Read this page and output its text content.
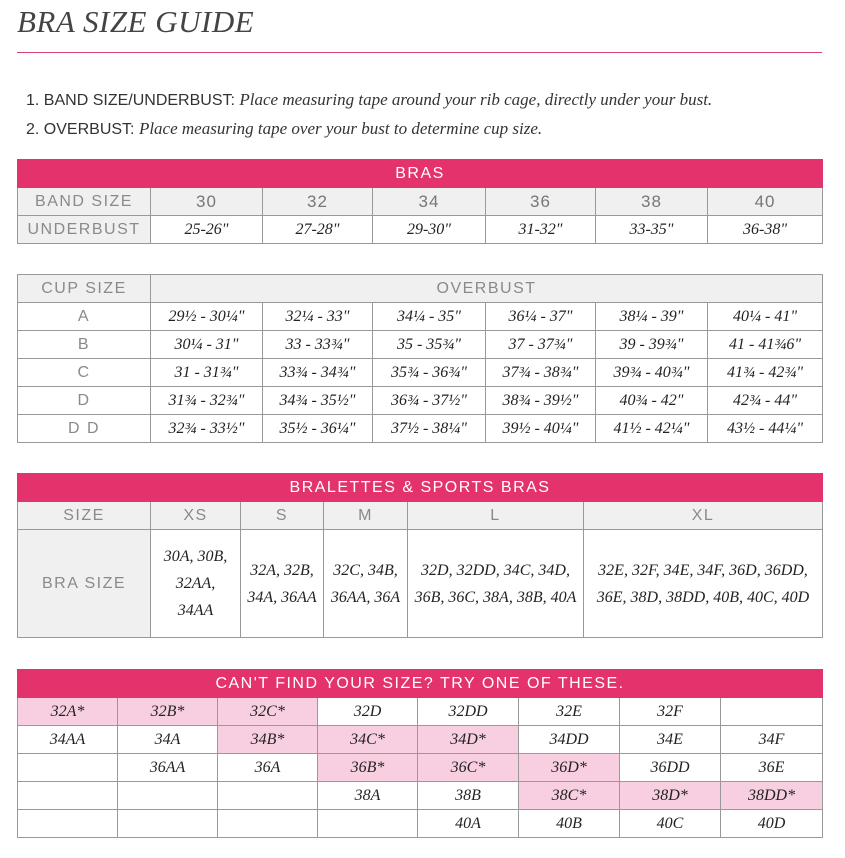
BRA SIZE GUIDE
1. BAND SIZE/UNDERBUST: Place measuring tape around your rib cage, directly under your bust.
2. OVERBUST: Place measuring tape over your bust to determine cup size.
BRAS						
BAND SIZE	30	32	34	36	38	40
UNDERBUST	25-26"	27-28"	29-30"	31-32"	33-35"	36-38"
CUP SIZE	OVERBUST					
A	29½ - 30¼"	32¼ - 33"	34¼ - 35"	36¼ - 37"	38¼ - 39"	40¼ - 41"
B	30¼ - 31"	33 - 33¾"	35 - 35¾"	37 - 37¾"	39 - 39¾"	41 - 41¾6"
C	31 - 31¾"	33¾ - 34¾"	35¾ - 36¾"	37¾ - 38¾"	39¾ - 40¾"	41¾ - 42¾"
D	31¾ - 32¾"	34¾ - 35½"	36¾ - 37½"	38¾ - 39½"	40¾ - 42"	42¾ - 44"
D D	32¾ - 33½"	35½ - 36¼"	37½ - 38¼"	39½ - 40¼"	41½ - 42¼"	43½ - 44¼"
BRALETTES & SPORTS BRAS					
SIZE	XS	S	M	L	XL
BRA SIZE	30A, 30B, 32AA, 34AA	32A, 32B, 34A, 36AA	32C, 34B, 36AA, 36A	32D, 32DD, 34C, 34D, 36B, 36C, 38A, 38B, 40A	32E, 32F, 34E, 34F, 36D, 36DD, 36E, 38D, 38DD, 40B, 40C, 40D
CAN'T FIND YOUR SIZE? TRY ONE OF THESE.							
32A*	32B*	32C*	32D	32DD	32E	32F	
34AA	34A	34B*	34C*	34D*	34DD	34E	34F
	36AA	36A	36B*	36C*	36D*	36DD	36E
			38A	38B	38C*	38D*	38DD*
				40A	40B	40C	40D
